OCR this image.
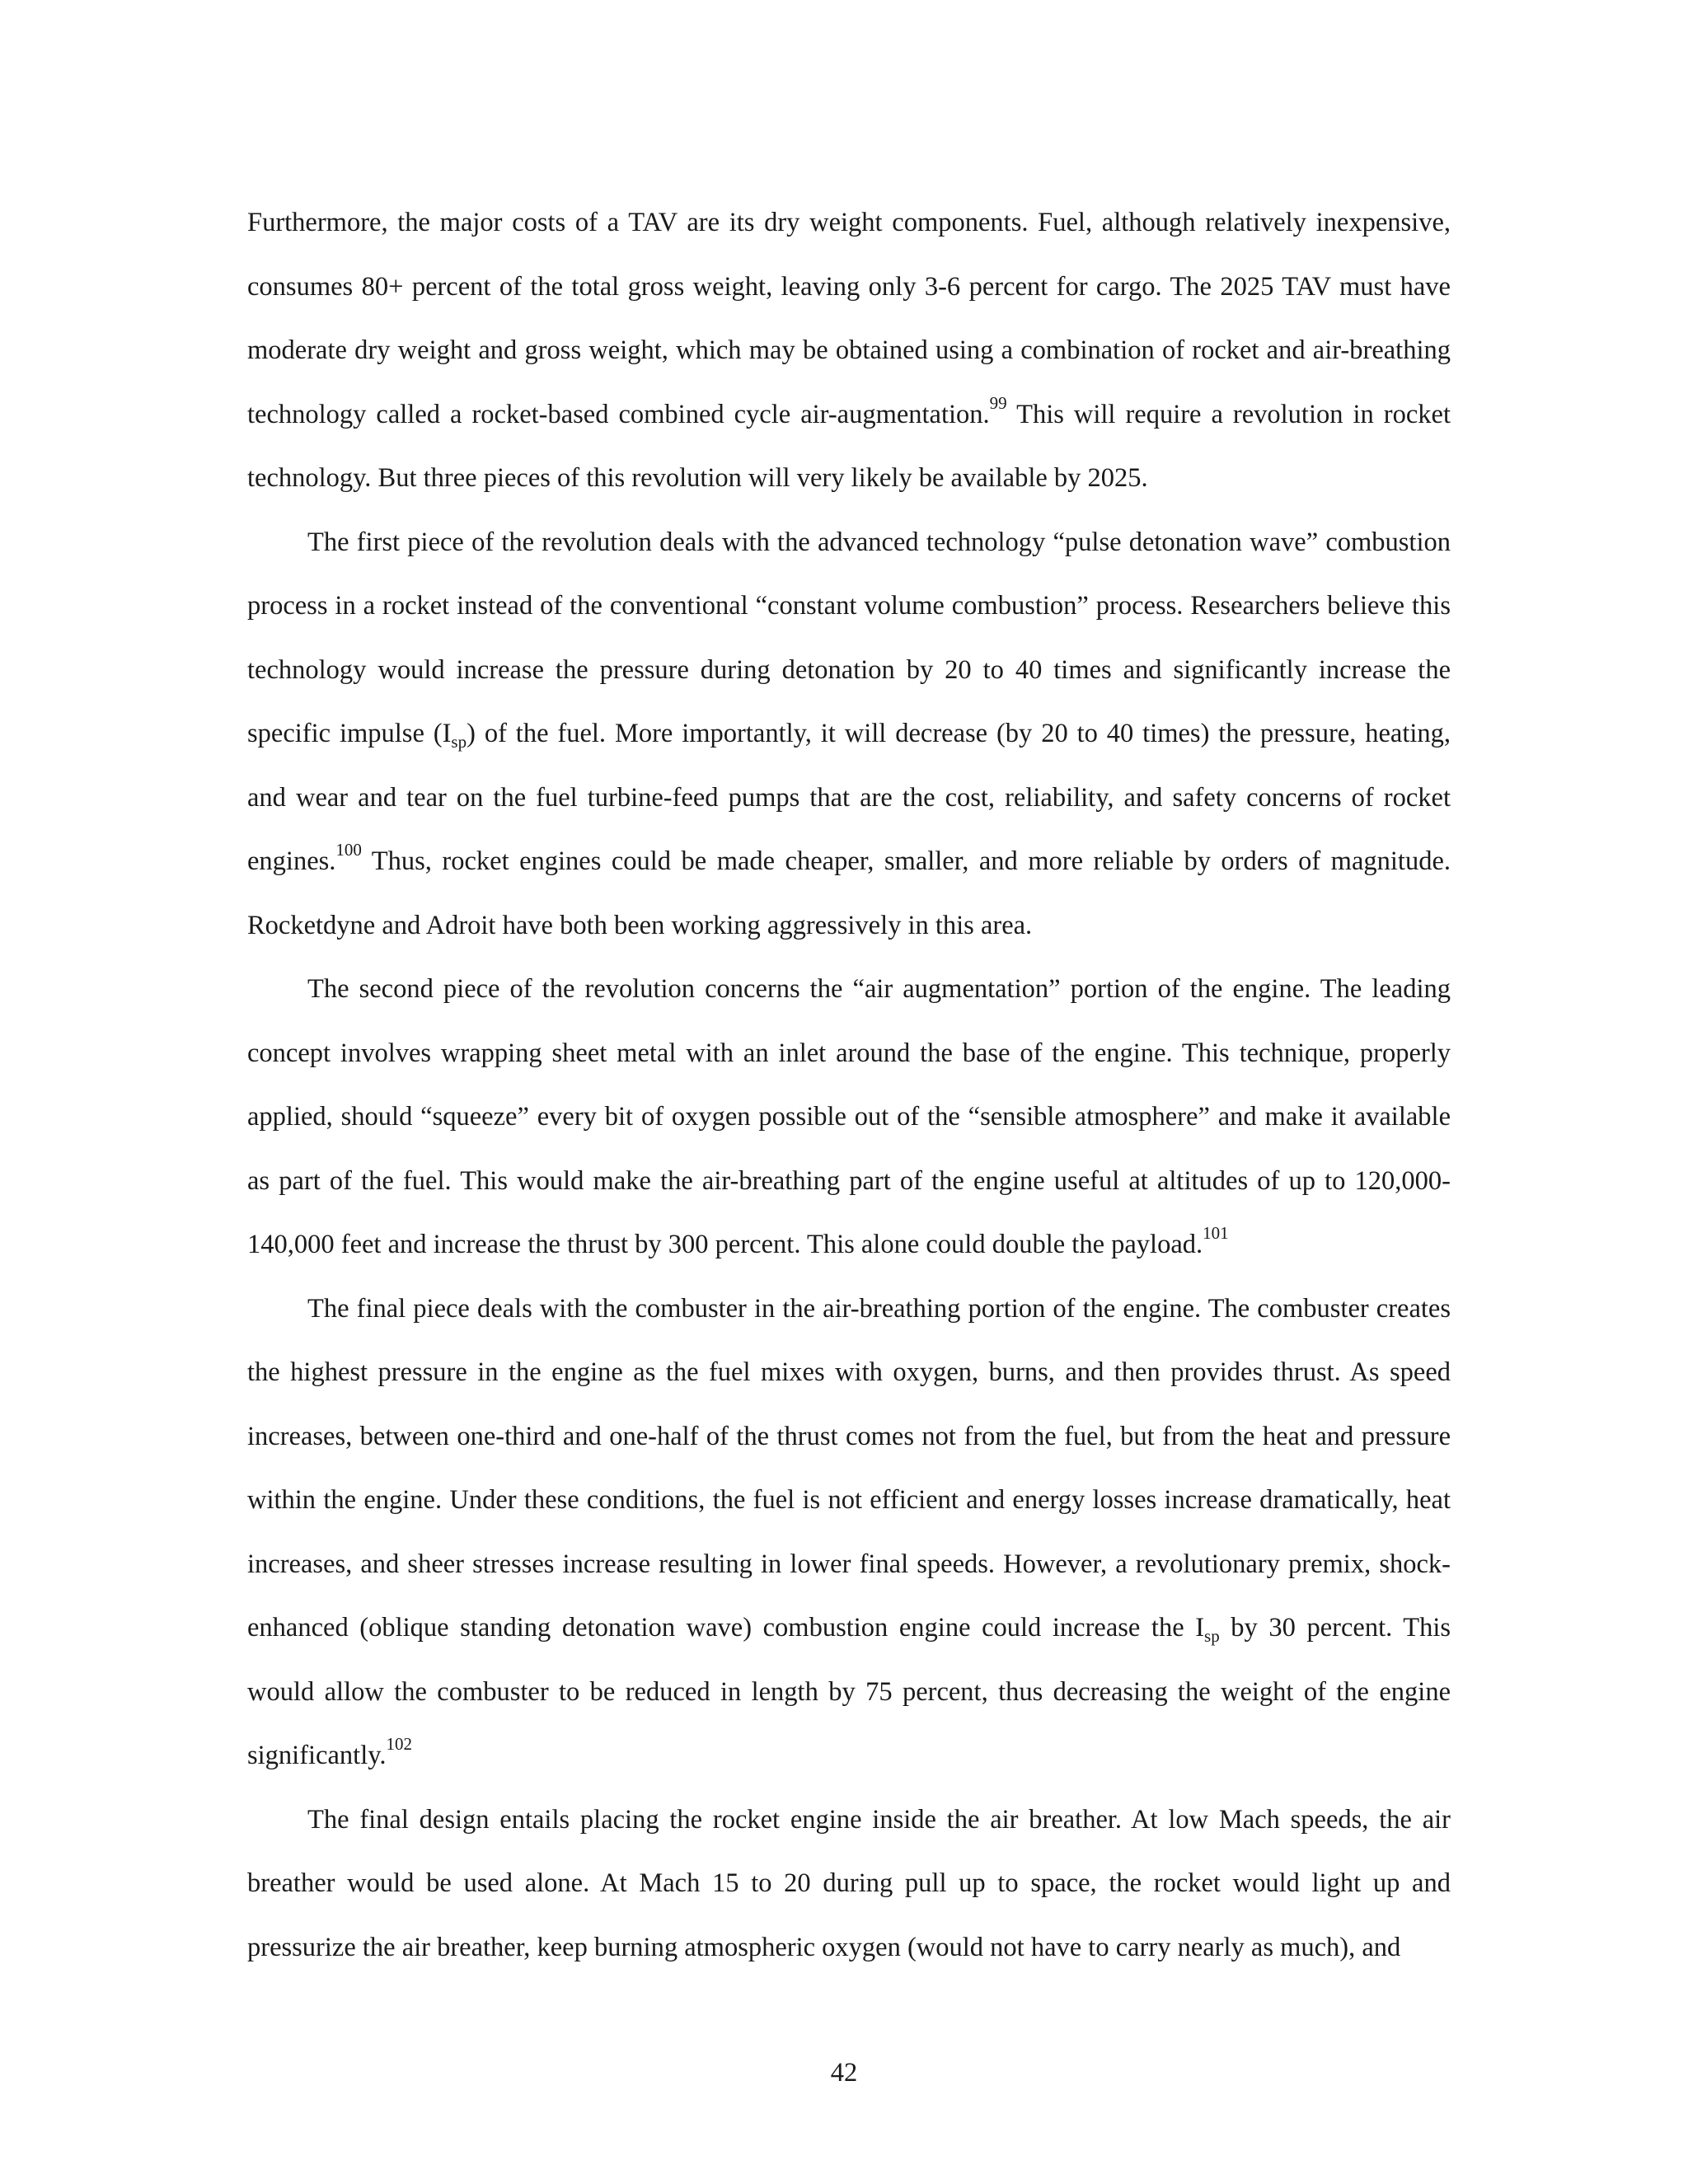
Furthermore, the major costs of a TAV are its dry weight components. Fuel, although relatively inexpensive, consumes 80+ percent of the total gross weight, leaving only 3-6 percent for cargo. The 2025 TAV must have moderate dry weight and gross weight, which may be obtained using a combination of rocket and air-breathing technology called a rocket-based combined cycle air-augmentation.$^{99}$ This will require a revolution in rocket technology. But three pieces of this revolution will very likely be available by 2025.

The first piece of the revolution deals with the advanced technology “pulse detonation wave” combustion process in a rocket instead of the conventional “constant volume combustion” process. Researchers believe this technology would increase the pressure during detonation by 20 to 40 times and significantly increase the specific impulse $(I_{sp})$ of the fuel. More importantly, it will decrease (by 20 to 40 times) the pressure, heating, and wear and tear on the fuel turbine-feed pumps that are the cost, reliability, and safety concerns of rocket engines.$^{100}$ Thus, rocket engines could be made cheaper, smaller, and more reliable by orders of magnitude. Rocketdyne and Adroit have both been working aggressively in this area.

The second piece of the revolution concerns the “air augmentation” portion of the engine. The leading concept involves wrapping sheet metal with an inlet around the base of the engine. This technique, properly applied, should “squeeze” every bit of oxygen possible out of the “sensible atmosphere” and make it available as part of the fuel. This would make the air-breathing part of the engine useful at altitudes of up to 120,000-140,000 feet and increase the thrust by 300 percent. This alone could double the payload.$^{101}$

The final piece deals with the combuster in the air-breathing portion of the engine. The combuster creates the highest pressure in the engine as the fuel mixes with oxygen, burns, and then provides thrust. As speed increases, between one-third and one-half of the thrust comes not from the fuel, but from the heat and pressure within the engine. Under these conditions, the fuel is not efficient and energy losses increase dramatically, heat increases, and sheer stresses increase resulting in lower final speeds. However, a revolutionary premix, shock-enhanced (oblique standing detonation wave) combustion engine could increase the $I_{sp}$ by 30 percent. This would allow the combuster to be reduced in length by 75 percent, thus decreasing the weight of the engine significantly.$^{102}$

The final design entails placing the rocket engine inside the air breather. At low Mach speeds, the air breather would be used alone. At Mach 15 to 20 during pull up to space, the rocket would light up and pressurize the air breather, keep burning atmospheric oxygen (would not have to carry nearly as much), and

42
